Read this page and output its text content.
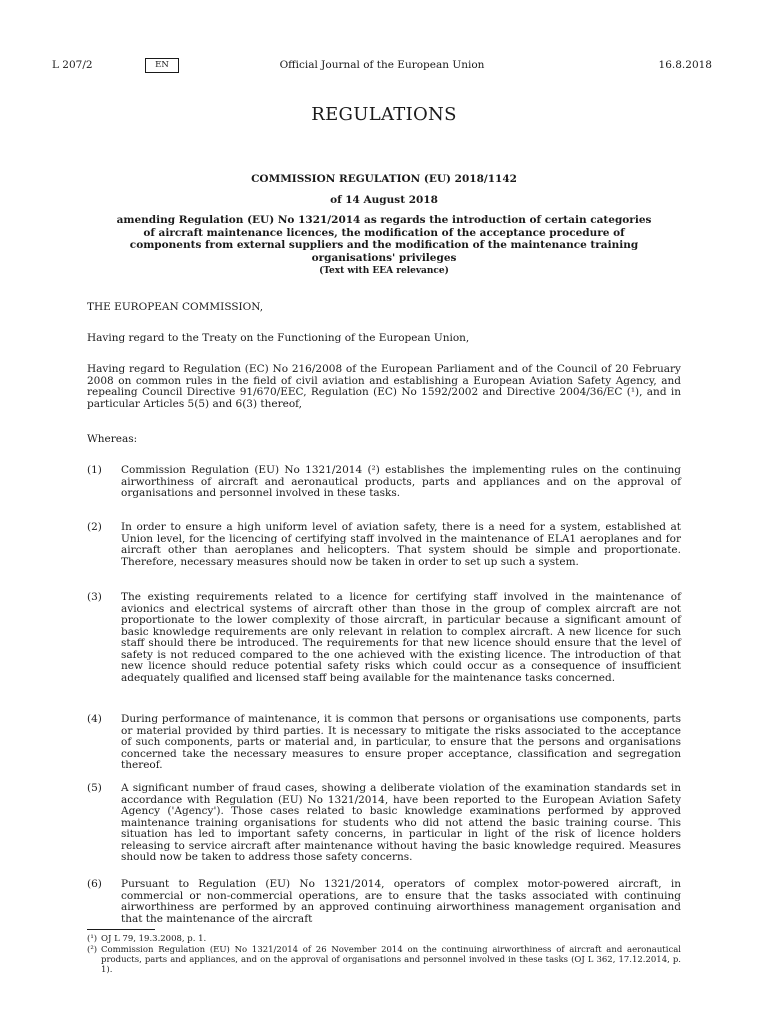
L 207/2	Official Journal of the European Union
EN	16.8.2018
REGULATIONS
COMMISSION REGULATION (EU) 2018/1142
of 14 August 2018
amending Regulation (EU) No 1321/2014 as regards the introduction of certain categories of aircraft maintenance licences, the modification of the acceptance procedure of components from external suppliers and the modification of the maintenance training organisations' privileges
(Text with EEA relevance)
THE EUROPEAN COMMISSION,
Having regard to the Treaty on the Functioning of the European Union,
Having regard to Regulation (EC) No 216/2008 of the European Parliament and of the Council of 20 February 2008 on common rules in the field of civil aviation and establishing a European Aviation Safety Agency, and repealing Council Directive 91/670/EEC, Regulation (EC) No 1592/2002 and Directive 2004/36/EC (¹), and in particular Articles 5(5) and 6(3) thereof,
Whereas:
(1) Commission Regulation (EU) No 1321/2014 (²) establishes the implementing rules on the continuing airworthiness of aircraft and aeronautical products, parts and appliances and on the approval of organisations and personnel involved in these tasks.
(2) In order to ensure a high uniform level of aviation safety, there is a need for a system, established at Union level, for the licencing of certifying staff involved in the maintenance of ELA1 aeroplanes and for aircraft other than aeroplanes and helicopters. That system should be simple and proportionate. Therefore, necessary measures should now be taken in order to set up such a system.
(3) The existing requirements related to a licence for certifying staff involved in the maintenance of avionics and electrical systems of aircraft other than those in the group of complex aircraft are not proportionate to the lower complexity of those aircraft, in particular because a significant amount of basic knowledge requirements are only relevant in relation to complex aircraft. A new licence for such staff should there be introduced. The requirements for that new licence should ensure that the level of safety is not reduced compared to the one achieved with the existing licence. The introduction of that new licence should reduce potential safety risks which could occur as a consequence of insufficient adequately qualified and licensed staff being available for the maintenance tasks concerned.
(4) During performance of maintenance, it is common that persons or organisations use components, parts or material provided by third parties. It is necessary to mitigate the risks associated to the acceptance of such components, parts or material and, in particular, to ensure that the persons and organisations concerned take the necessary measures to ensure proper acceptance, classification and segregation thereof.
(5) A significant number of fraud cases, showing a deliberate violation of the examination standards set in accordance with Regulation (EU) No 1321/2014, have been reported to the European Aviation Safety Agency ('Agency'). Those cases related to basic knowledge examinations performed by approved maintenance training organisations for students who did not attend the basic training course. This situation has led to important safety concerns, in particular in light of the risk of licence holders releasing to service aircraft after maintenance without having the basic knowledge required. Measures should now be taken to address those safety concerns.
(6) Pursuant to Regulation (EU) No 1321/2014, operators of complex motor-powered aircraft, in commercial or non-commercial operations, are to ensure that the tasks associated with continuing airworthiness are performed by an approved continuing airworthiness management organisation and that the maintenance of the aircraft
(¹) OJ L 79, 19.3.2008, p. 1.
(²) Commission Regulation (EU) No 1321/2014 of 26 November 2014 on the continuing airworthiness of aircraft and aeronautical products, parts and appliances, and on the approval of organisations and personnel involved in these tasks (OJ L 362, 17.12.2014, p. 1).
